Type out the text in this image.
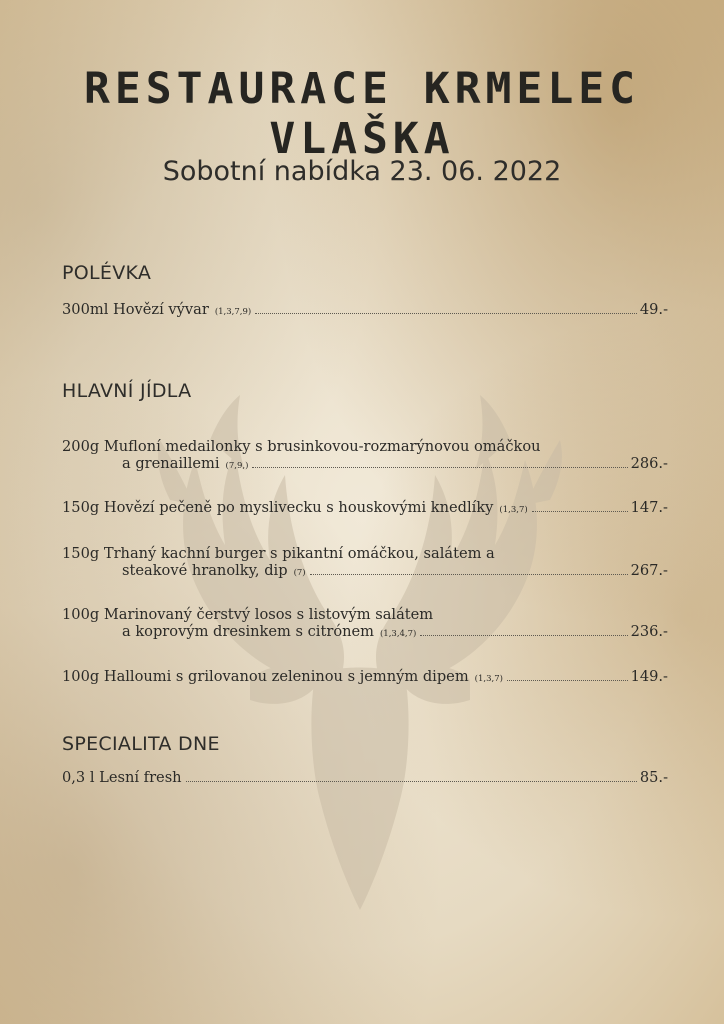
RESTAURACE KRMELEC VLAŠKA
Sobotní nabídka 23. 06. 2022
POLÉVKA
300ml Hovězí vývar (1,3,7,9)	49.-
HLAVNÍ JÍDLA
200g Mufloní medailonky s brusinkovou-rozmarýnovou omáčkou
a grenaillemi (7,9,)	286.-
150g Hovězí pečeně po myslivecku s houskovými knedlíky (1,3,7)	147.-
150g Trhaný kachní burger s pikantní omáčkou, salátem a
steakové hranolky, dip (7)	267.-
100g Marinovaný čerstvý losos s listovým salátem
a koprovým dresinkem s citrónem (1,3,4,7)	236.-
100g Halloumi s grilovanou zeleninou s jemným dipem (1,3,7)	149.-
SPECIALITA DNE
0,3 l Lesní fresh	85.-
